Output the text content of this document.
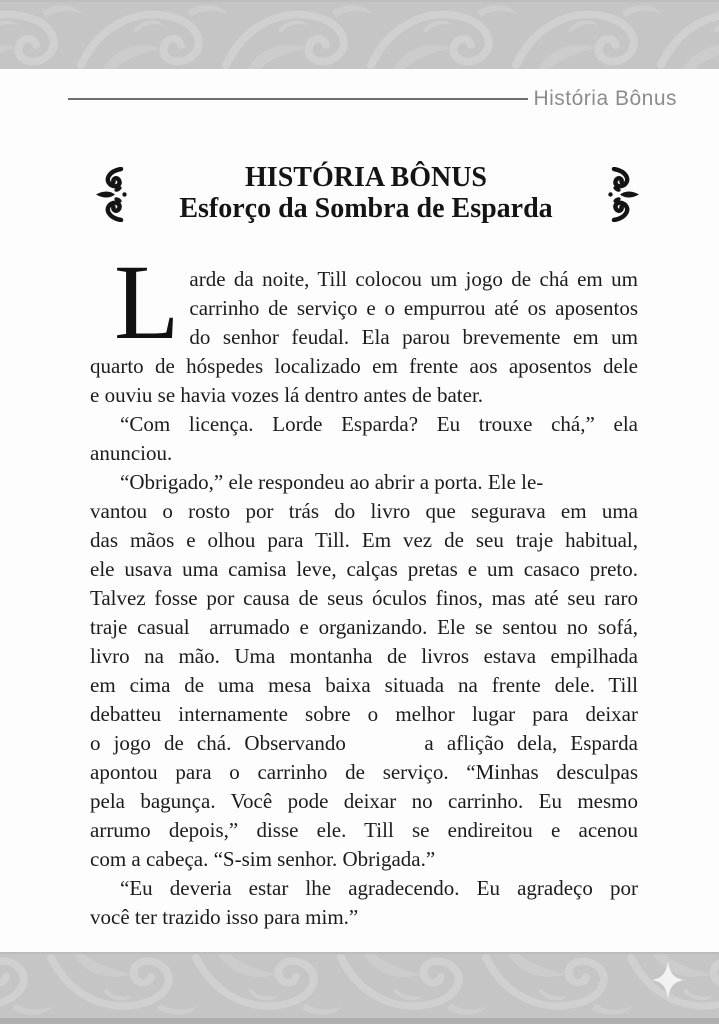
História Bônus
HISTÓRIA BÔNUS
Esforço da Sombra de Esparda
L arde da noite, Till colocou um jogo de chá em um
carrinho de serviço e o empurrou até os aposentos
do senhor feudal. Ela parou brevemente em um
quarto de hóspedes localizado em frente aos aposentos dele
e ouviu se havia vozes lá dentro antes de bater.
“Com licença. Lorde Esparda? Eu trouxe chá,” ela
anunciou.
“Obrigado,” ele respondeu ao abrir a porta. Ele le-
vantou o rosto por trás do livro que segurava em uma
das mãos e olhou para Till. Em vez de seu traje habitual,
ele usava uma camisa leve, calças pretas e um casaco preto.
Talvez fosse por causa de seus óculos finos, mas até seu raro
traje casual  arrumado e organizando. Ele se sentou no sofá,
livro na mão. Uma montanha de livros estava empilhada
em cima de uma mesa baixa situada na frente dele. Till
debatteu internamente sobre o melhor lugar para deixar
o jogo de chá. Observando      a aflição dela, Esparda
apontou para o carrinho de serviço. “Minhas desculpas
pela bagunça. Você pode deixar no carrinho. Eu mesmo
arrumo depois,” disse ele. Till se endireitou e acenou
com a cabeça. “S-sim senhor. Obrigada.”
“Eu deveria estar lhe agradecendo. Eu agradeço por
você ter trazido isso para mim.”
